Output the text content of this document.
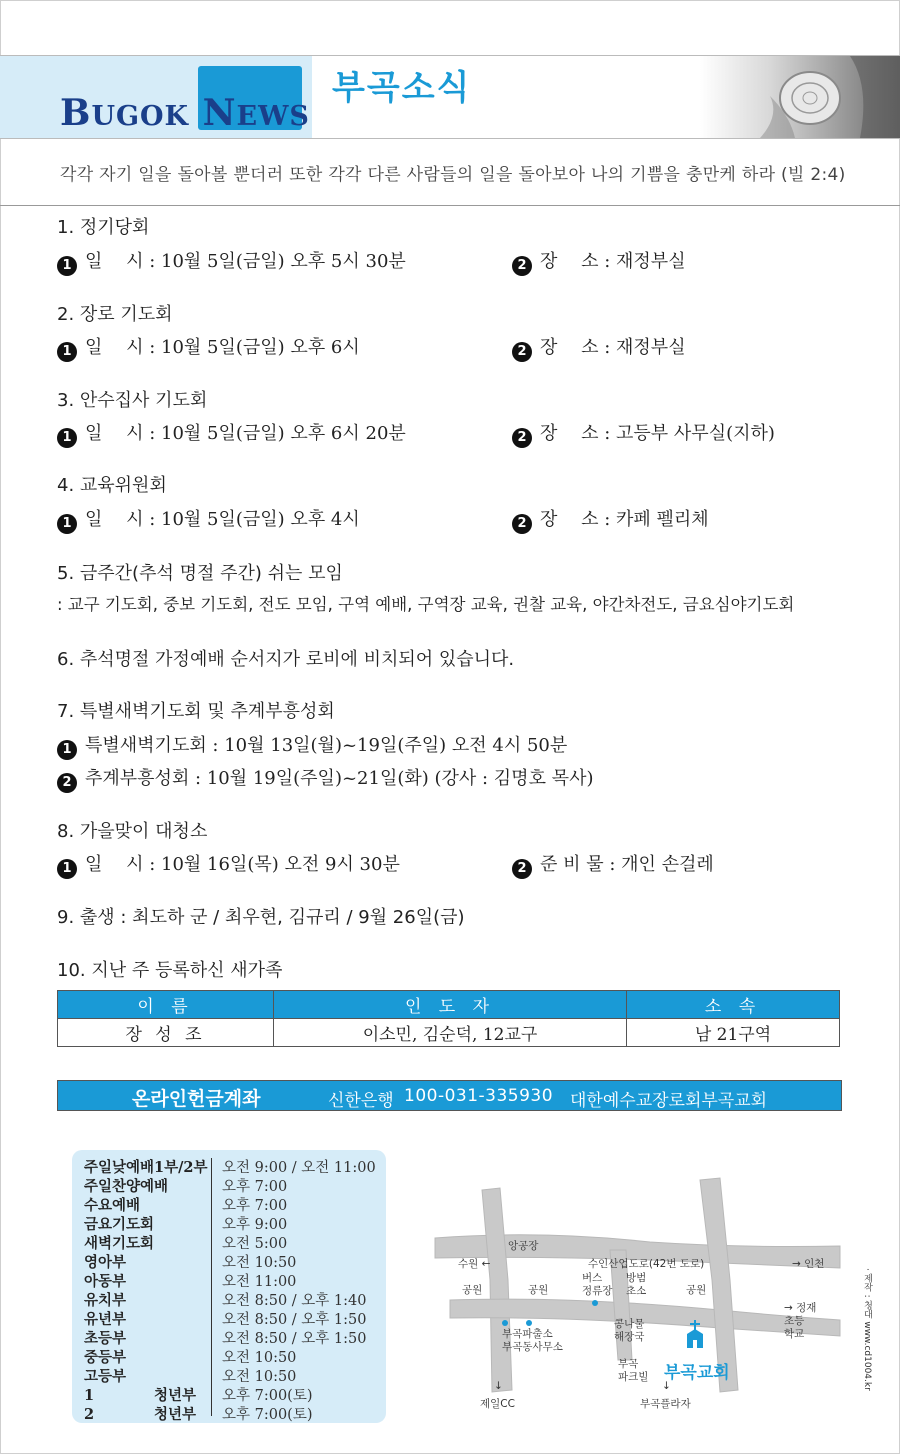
BUGOK NEWS
부곡소식
각각 자기 일을 돌아볼 뿐더러 또한 각각 다른 사람들의 일을 돌아보아 나의 기쁨을 충만케 하라 (빌 2:4)
1. 정기당회
1 일　 시 : 10월 5일(금일) 오후 5시 30분	2 장　 소 : 재정부실
2. 장로 기도회
1 일　 시 : 10월 5일(금일) 오후 6시	2 장　 소 : 재정부실
3. 안수집사 기도회
1 일　 시 : 10월 5일(금일) 오후 6시 20분	2 장　 소 : 고등부 사무실(지하)
4. 교육위원회
1 일　 시 : 10월 5일(금일) 오후 4시	2 장　 소 : 카페 펠리체
5. 금주간(추석 명절 주간) 쉬는 모임
: 교구 기도회, 중보 기도회, 전도 모임, 구역 예배, 구역장 교육, 권찰 교육, 야간차전도, 금요심야기도회
6. 추석명절 가정예배 순서지가 로비에 비치되어 있습니다.
7. 특별새벽기도회 및 추계부흥성회
1 특별새벽기도회 : 10월 13일(월)~19일(주일) 오전 4시 50분
2 추계부흥성회 : 10월 19일(주일)~21일(화) (강사 : 김명호 목사)
8. 가을맞이 대청소
1 일　 시 : 10월 16일(목) 오전 9시 30분	2 준 비 물 : 개인 손걸레
9. 출생 : 최도하 군 / 최우현, 김규리 / 9월 26일(금)
10. 지난 주 등록하신 새가족
이 름	인 도 자	소 속
장 성 조	이소민, 김순덕, 12교구	남 21구역
온라인헌금계좌	신한은행 100-031-335930 대한예수교장로회부곡교회
주일낮예배1부/2부 오전 9:00 / 오전 11:00
주일찬양예배	오후 7:00
수요예배	오후 7:00
금요기도회	오후 9:00
새벽기도회	오전 5:00
영아부	오전 10:50
아동부	오전 11:00
유치부	오전 8:50 / 오후 1:40
유년부	오전 8:50 / 오후 1:50
초등부	오전 8:50 / 오후 1:50
중등부	오전 10:50
고등부	오전 10:50
1 청년부 오후 7:00(토)
2 청년부 오후 7:00(토)
앙공장
수원 ←	수인산업도로(42번 도로)	→ 인천
공원	공원	공원
버스
정류장
방범
초소
→ 정재
초등
학교
부곡파출소
부곡동사무소
콩나물
해장국
부곡
파크빌 부곡교회
↓
제일CC
↓
부곡플라자
· 제작 : 청대 www.cd1004.kr
